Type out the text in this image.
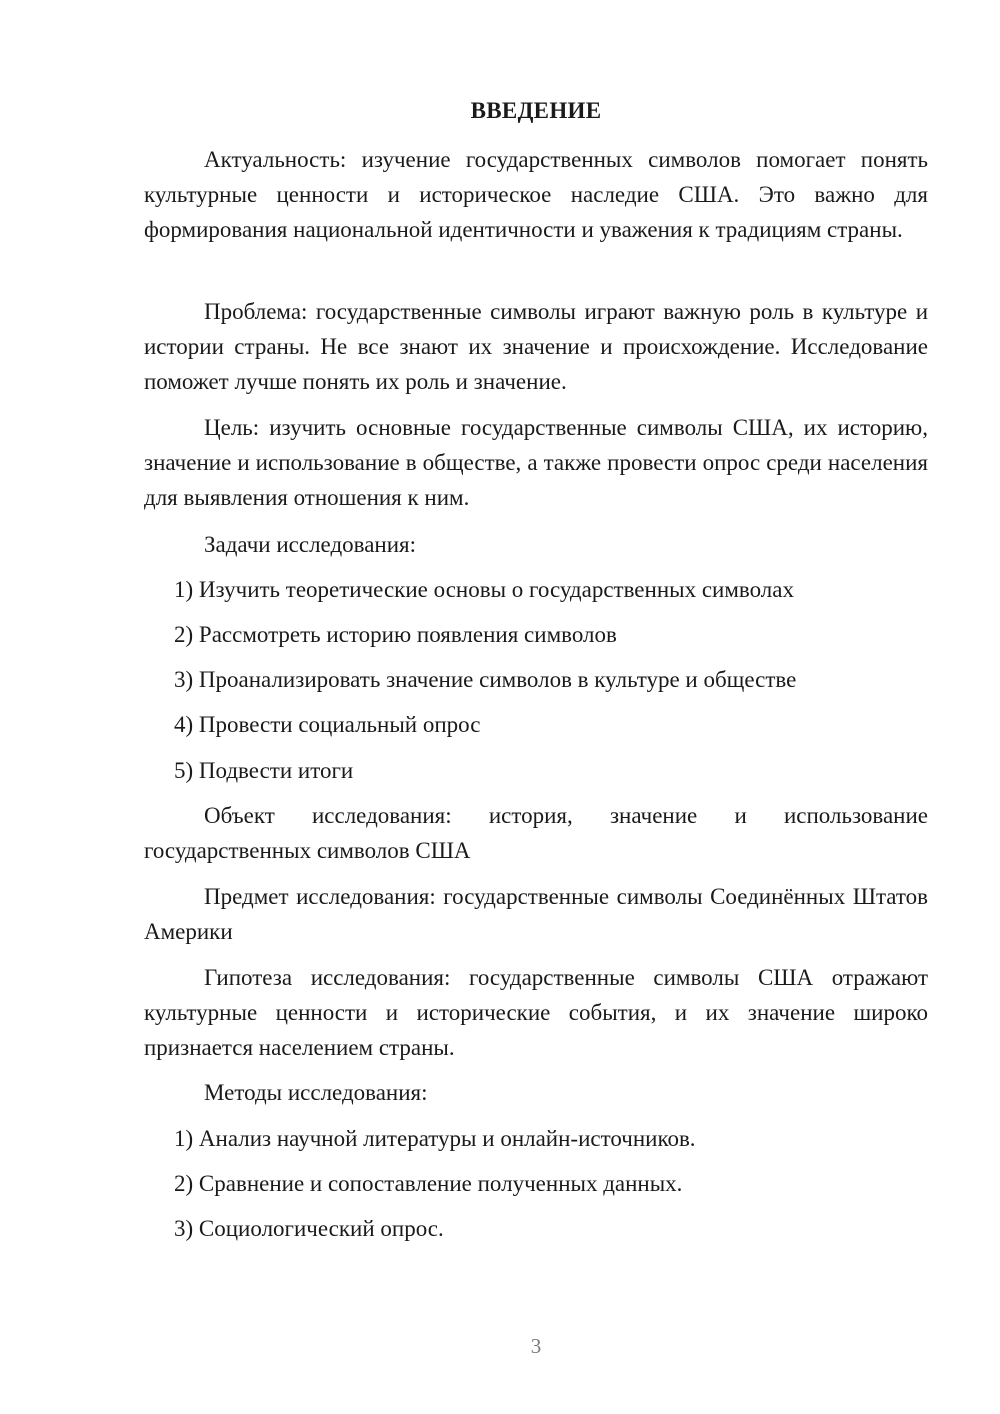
ВВЕДЕНИЕ

Актуальность: изучение государственных символов помогает понять культурные ценности и историческое наследие США. Это важно для формирования национальной идентичности и уважения к традициям страны.

Проблема: государственные символы играют важную роль в культуре и истории страны. Не все знают их значение и происхождение. Исследование поможет лучше понять их роль и значение.

Цель: изучить основные государственные символы США, их историю, значение и использование в обществе, а также провести опрос среди населения для выявления отношения к ним.

Задачи исследования:

1) Изучить теоретические основы о государственных символах

2) Рассмотреть историю появления символов

3) Проанализировать значение символов в культуре и обществе

4) Провести социальный опрос

5) Подвести итоги

Объект исследования: история, значение и использование государственных символов США

Предмет исследования: государственные символы Соединённых Штатов Америки

Гипотеза исследования: государственные символы США отражают культурные ценности и исторические события, и их значение широко признается населением страны.

Методы исследования:

1) Анализ научной литературы и онлайн-источников.

2) Сравнение и сопоставление полученных данных.

3) Социологический опрос.

3
